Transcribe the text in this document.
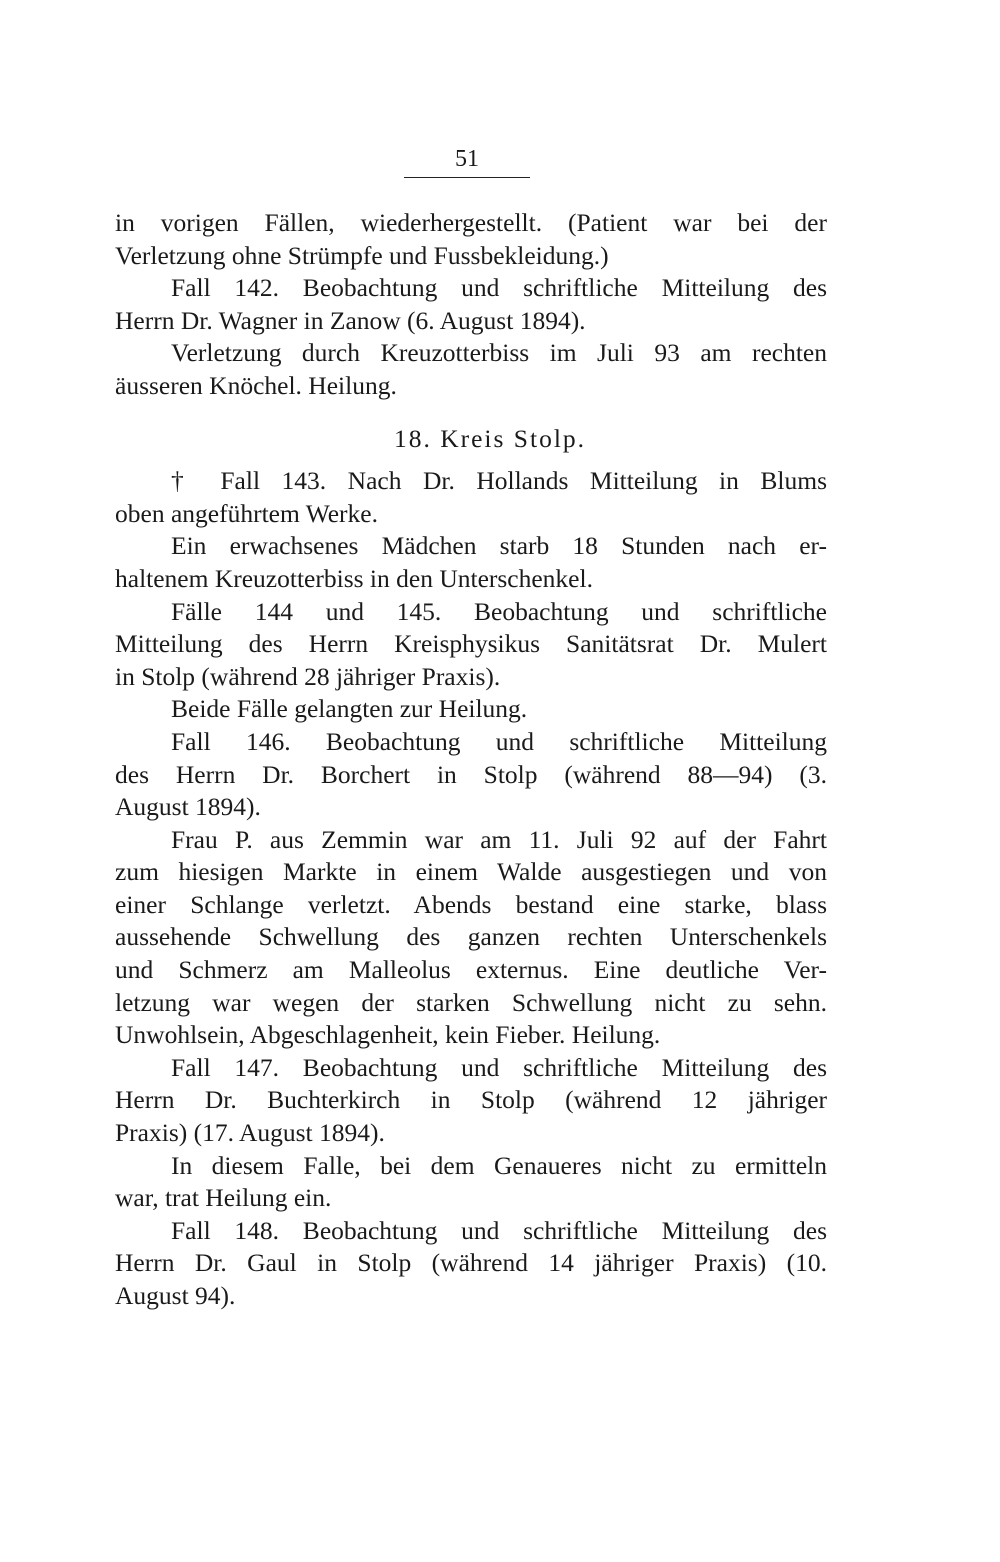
51
in vorigen Fällen, wiederhergestellt. (Patient war bei der
Verletzung ohne Strümpfe und Fussbekleidung.)
Fall 142. Beobachtung und schriftliche Mitteilung des
Herrn Dr. Wagner in Zanow (6. August 1894).
Verletzung durch Kreuzotterbiss im Juli 93 am rechten
äusseren Knöchel. Heilung.
18. Kreis Stolp.
† Fall 143. Nach Dr. Hollands Mitteilung in Blums
oben angeführtem Werke.
Ein erwachsenes Mädchen starb 18 Stunden nach er-
haltenem Kreuzotterbiss in den Unterschenkel.
Fälle 144 und 145. Beobachtung und schriftliche
Mitteilung des Herrn Kreisphysikus Sanitätsrat Dr. Mulert
in Stolp (während 28 jähriger Praxis).
Beide Fälle gelangten zur Heilung.
Fall 146. Beobachtung und schriftliche Mitteilung
des Herrn Dr. Borchert in Stolp (während 88—94) (3.
August 1894).
Frau P. aus Zemmin war am 11. Juli 92 auf der Fahrt
zum hiesigen Markte in einem Walde ausgestiegen und von
einer Schlange verletzt. Abends bestand eine starke, blass
aussehende Schwellung des ganzen rechten Unterschenkels
und Schmerz am Malleolus externus. Eine deutliche Ver-
letzung war wegen der starken Schwellung nicht zu sehn.
Unwohlsein, Abgeschlagenheit, kein Fieber. Heilung.
Fall 147. Beobachtung und schriftliche Mitteilung des
Herrn Dr. Buchterkirch in Stolp (während 12 jähriger
Praxis) (17. August 1894).
In diesem Falle, bei dem Genaueres nicht zu ermitteln
war, trat Heilung ein.
Fall 148. Beobachtung und schriftliche Mitteilung des
Herrn Dr. Gaul in Stolp (während 14 jähriger Praxis) (10.
August 94).
